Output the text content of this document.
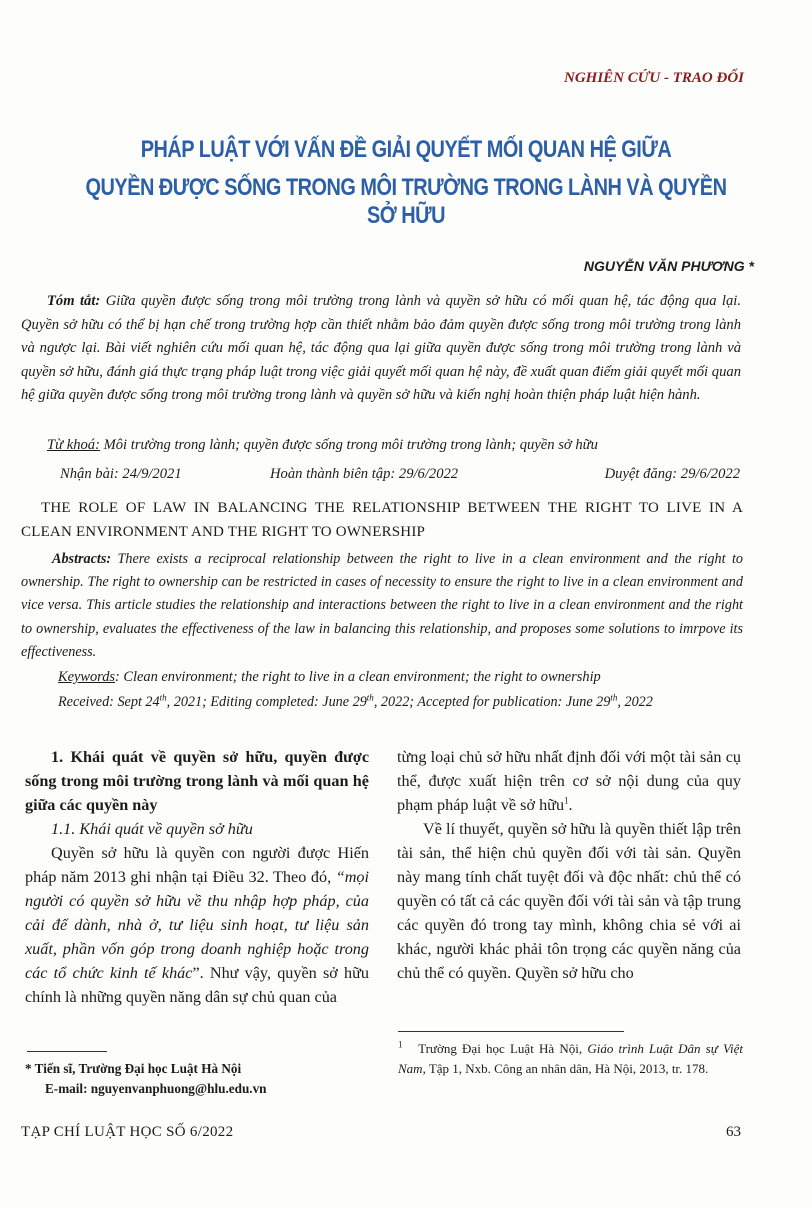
NGHIÊN CỨU - TRAO ĐỔI
PHÁP LUẬT VỚI VẤN ĐỀ GIẢI QUYẾT MỐI QUAN HỆ GIỮA
QUYỀN ĐƯỢC SỐNG TRONG MÔI TRƯỜNG TRONG LÀNH VÀ QUYỀN SỞ HỮU
NGUYỄN VĂN PHƯƠNG *
Tóm tắt: Giữa quyền được sống trong môi trường trong lành và quyền sở hữu có mối quan hệ, tác động qua lại. Quyền sở hữu có thể bị hạn chế trong trường hợp cần thiết nhằm bảo đảm quyền được sống trong môi trường trong lành và ngược lại. Bài viết nghiên cứu mối quan hệ, tác động qua lại giữa quyền được sống trong môi trường trong lành và quyền sở hữu, đánh giá thực trạng pháp luật trong việc giải quyết mối quan hệ này, đề xuất quan điểm giải quyết mối quan hệ giữa quyền được sống trong môi trường trong lành và quyền sở hữu và kiến nghị hoàn thiện pháp luật hiện hành.
Từ khoá: Môi trường trong lành; quyền được sống trong môi trường trong lành; quyền sở hữu
Nhận bài: 24/9/2021	Hoàn thành biên tập: 29/6/2022	Duyệt đăng: 29/6/2022
THE ROLE OF LAW IN BALANCING THE RELATIONSHIP BETWEEN THE RIGHT TO LIVE IN A CLEAN ENVIRONMENT AND THE RIGHT TO OWNERSHIP
Abstracts: There exists a reciprocal relationship between the right to live in a clean environment and the right to ownership. The right to ownership can be restricted in cases of necessity to ensure the right to live in a clean environment and vice versa. This article studies the relationship and interactions between the right to live in a clean environment and the right to ownership, evaluates the effectiveness of the law in balancing this relationship, and proposes some solutions to imrpove its effectiveness.
Keywords: Clean environment; the right to live in a clean environment; the right to ownership
Received: Sept 24th, 2021; Editing completed: June 29th, 2022; Accepted for publication: June 29th, 2022

1. Khái quát về quyền sở hữu, quyền được sống trong môi trường trong lành và mối quan hệ giữa các quyền này

1.1. Khái quát về quyền sở hữu

Quyền sở hữu là quyền con người được Hiến pháp năm 2013 ghi nhận tại Điều 32. Theo đó, “mọi người có quyền sở hữu về thu nhập hợp pháp, của cải để dành, nhà ở, tư liệu sinh hoạt, tư liệu sản xuất, phần vốn góp trong doanh nghiệp hoặc trong các tổ chức kinh tế khác”. Như vậy, quyền sở hữu chính là những quyền năng dân sự chủ quan của

từng loại chủ sở hữu nhất định đối với một tài sản cụ thể, được xuất hiện trên cơ sở nội dung của quy phạm pháp luật về sở hữu$^1$.

Về lí thuyết, quyền sở hữu là quyền thiết lập trên tài sản, thể hiện chủ quyền đối với tài sản. Quyền này mang tính chất tuyệt đối và độc nhất: chủ thể có quyền có tất cả các quyền đối với tài sản và tập trung các quyền đó trong tay mình, không chia sẻ với ai khác, người khác phải tôn trọng các quyền năng của chủ thể có quyền. Quyền sở hữu cho

* Tiến sĩ, Trường Đại học Luật Hà Nội
E-mail: nguyenvanphuong@hlu.edu.vn
$^1$ Trường Đại học Luật Hà Nội, Giáo trình Luật Dân sự Việt Nam, Tập 1, Nxb. Công an nhân dân, Hà Nội, 2013, tr. 178.
TẠP CHÍ LUẬT HỌC SỐ 6/2022	63
